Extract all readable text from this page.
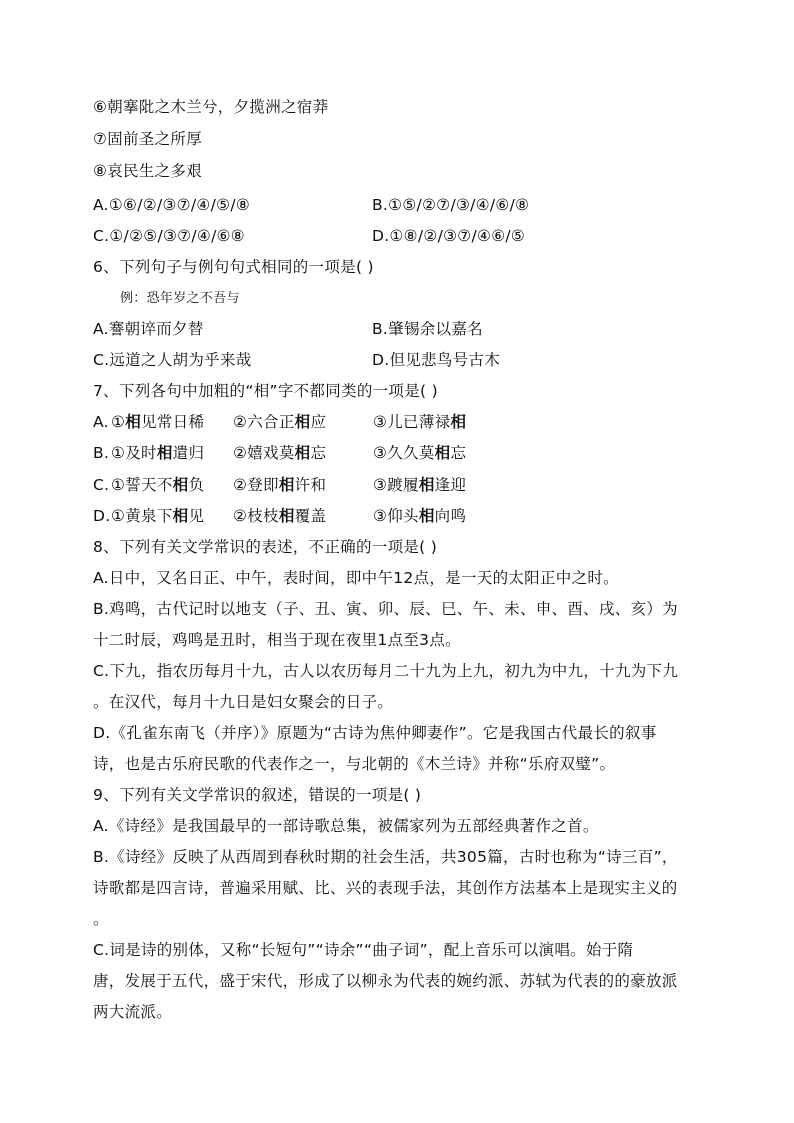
⑥朝搴阰之木兰兮，夕揽洲之宿莽
⑦固前圣之所厚
⑧哀民生之多艰
A.①⑥/②/③⑦/④/⑤/⑧	B.①⑤/②⑦/③/④/⑥/⑧
C.①/②⑤/③⑦/④/⑥⑧	D.①⑧/②/③⑦/④⑥/⑤
6、下列句子与例句句式相同的一项是( )
例：恐年岁之不吾与
A.謇朝谇而夕替	B.肇锡余以嘉名
C.远道之人胡为乎来哉	D.但见悲鸟号古木
7、下列各句中加粗的“相”字不都同类的一项是( )
A. ①相见常日稀 ②六合正相应	③儿已薄禄相
B. ①及时相遣归 ②嬉戏莫相忘	③久久莫相忘
C. ①誓天不相负 ②登即相许和	③踱履相逢迎
D. ①黄泉下相见 ②枝枝相覆盖	③仰头相向鸣
8、下列有关文学常识的表述，不正确的一项是( )
A.日中，又名日正、中午，表时间，即中午12点，是一天的太阳正中之时。
B.鸡鸣，古代记时以地支（子、丑、寅、卯、辰、巳、午、未、申、酉、戌、亥）为
十二时辰，鸡鸣是丑时，相当于现在夜里1点至3点。
C.下九，指农历每月十九，古人以农历每月二十九为上九，初九为中九，十九为下九
。在汉代，每月十九日是妇女聚会的日子。
D.《孔雀东南飞（并序）》原题为“古诗为焦仲卿妻作”。它是我国古代最长的叙事
诗，也是古乐府民歌的代表作之一，与北朝的《木兰诗》并称“乐府双璧”。
9、下列有关文学常识的叙述，错误的一项是( )
A.《诗经》是我国最早的一部诗歌总集，被儒家列为五部经典著作之首。
B.《诗经》反映了从西周到春秋时期的社会生活，共305篇，古时也称为“诗三百”，
诗歌都是四言诗，普遍采用赋、比、兴的表现手法，其创作方法基本上是现实主义的
。
C.词是诗的别体，又称“长短句”“诗余”“曲子词”，配上音乐可以演唱。始于隋
唐，发展于五代，盛于宋代，形成了以柳永为代表的婉约派、苏轼为代表的的豪放派
两大流派。
